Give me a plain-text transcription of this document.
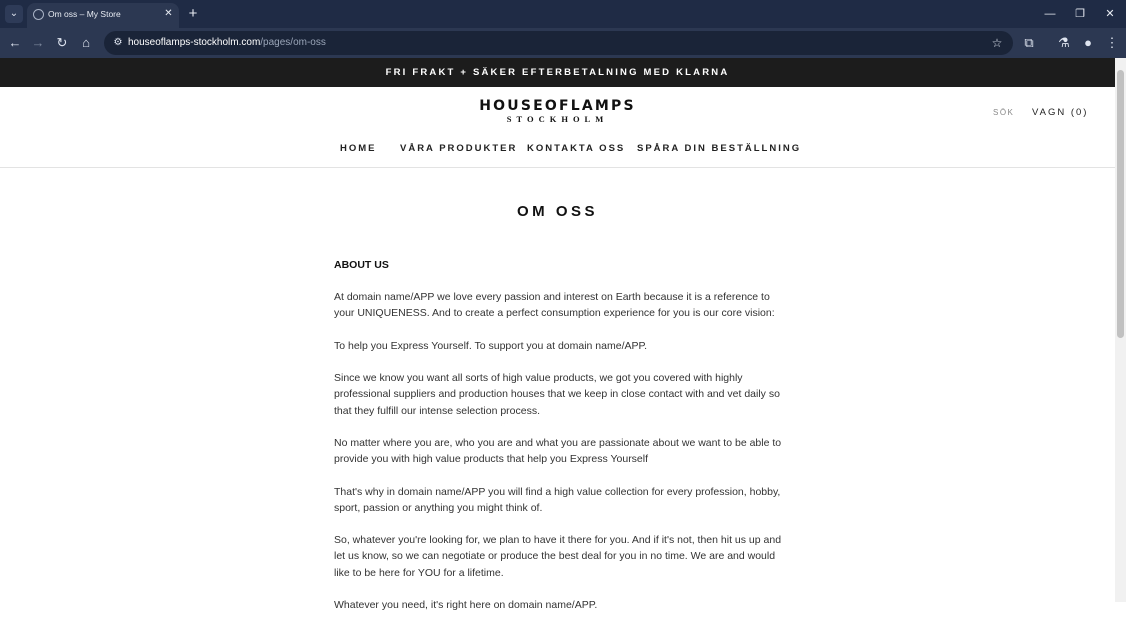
⌄	Om oss – My Store	✕ +	— ❐	✕
← → ↻	⌂	⚙ houseoflamps-stockholm.com/pages/om-oss	☆	⧉	⚗	●	⋮
FRI FRAKT + SÄKER EFTERBETALNING MED KLARNA
HOUSEOFLAMPS
STOCKHOLM
SÖK VAGN (0)
HOME VÅRA PRODUKTER KONTAKTA OSS SPÅRA DIN BESTÄLLNING
OM OSS
ABOUT US

At domain name/APP we love every passion and interest on Earth because it is a reference to your UNIQUENESS. And to create a perfect consumption experience for you is our core vision:

To help you Express Yourself. To support you at domain name/APP.

Since we know you want all sorts of high value products, we got you covered with highly professional suppliers and production houses that we keep in close contact with and vet daily so that they fulfill our intense selection process.

No matter where you are, who you are and what you are passionate about we want to be able to provide you with high value products that help you Express Yourself

That's why in domain name/APP you will find a high value collection for every profession, hobby, sport, passion or anything you might think of.

So, whatever you're looking for, we plan to have it there for you. And if it's not, then hit us up and let us know, so we can negotiate or produce the best deal for you in no time. We are and would like to be here for YOU for a lifetime.

Whatever you need, it's right here on domain name/APP.
